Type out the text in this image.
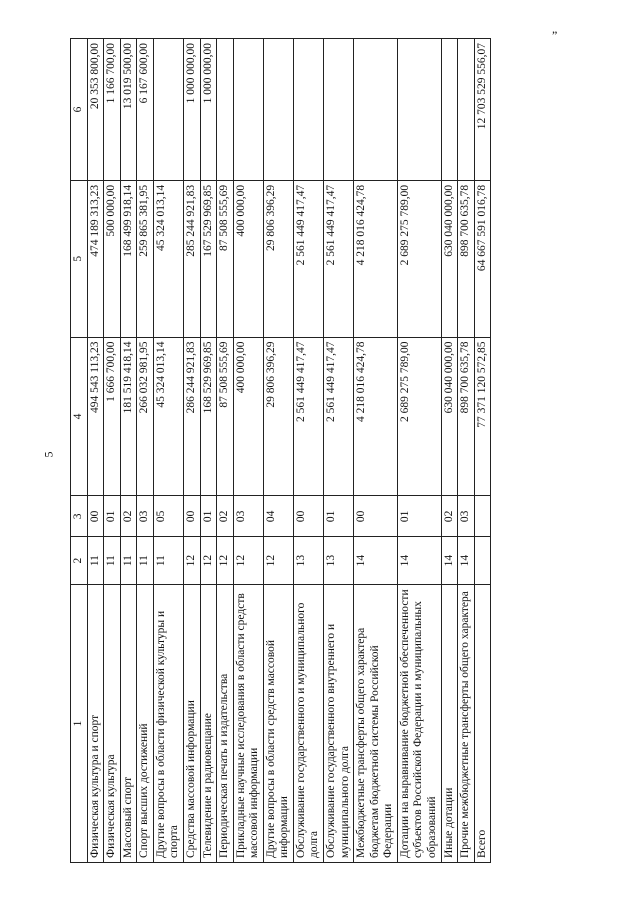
5
”
1	2	3	4	5	6
Физическая культура и спорт	11	00	494 543 113,23	474 189 313,23	20 353 800,00
Физическая культура	11	01	1 666 700,00	500 000,00	1 166 700,00
Массовый спорт	11	02	181 519 418,14	168 499 918,14	13 019 500,00
Спорт высших достижений	11	03	266 032 981,95	259 865 381,95	6 167 600,00
Другие вопросы в области физической культуры и спорта	11	05	45 324 013,14	45 324 013,14	
Средства массовой информации	12	00	286 244 921,83	285 244 921,83	1 000 000,00
Телевидение и радиовещание	12	01	168 529 969,85	167 529 969,85	1 000 000,00
Периодическая печать и издательства	12	02	87 508 555,69	87 508 555,69	
Прикладные научные исследования в области средств массовой информации	12	03	400 000,00	400 000,00	
Другие вопросы в области средств массовой информации	12	04	29 806 396,29	29 806 396,29	
Обслуживание государственного и муниципального долга	13	00	2 561 449 417,47	2 561 449 417,47	
Обслуживание государственного внутреннего и муниципального долга	13	01	2 561 449 417,47	2 561 449 417,47	
Межбюджетные трансферты общего характера бюджетам бюджетной системы Российской Федерации	14	00	4 218 016 424,78	4 218 016 424,78	
Дотации на выравнивание бюджетной обеспеченности субъектов Российской Федерации и муниципальных образований	14	01	2 689 275 789,00	2 689 275 789,00	
Иные дотации	14	02	630 040 000,00	630 040 000,00	
Прочие межбюджетные трансферты общего характера	14	03	898 700 635,78	898 700 635,78	
Всего			77 371 120 572,85	64 667 591 016,78	12 703 529 556,07
